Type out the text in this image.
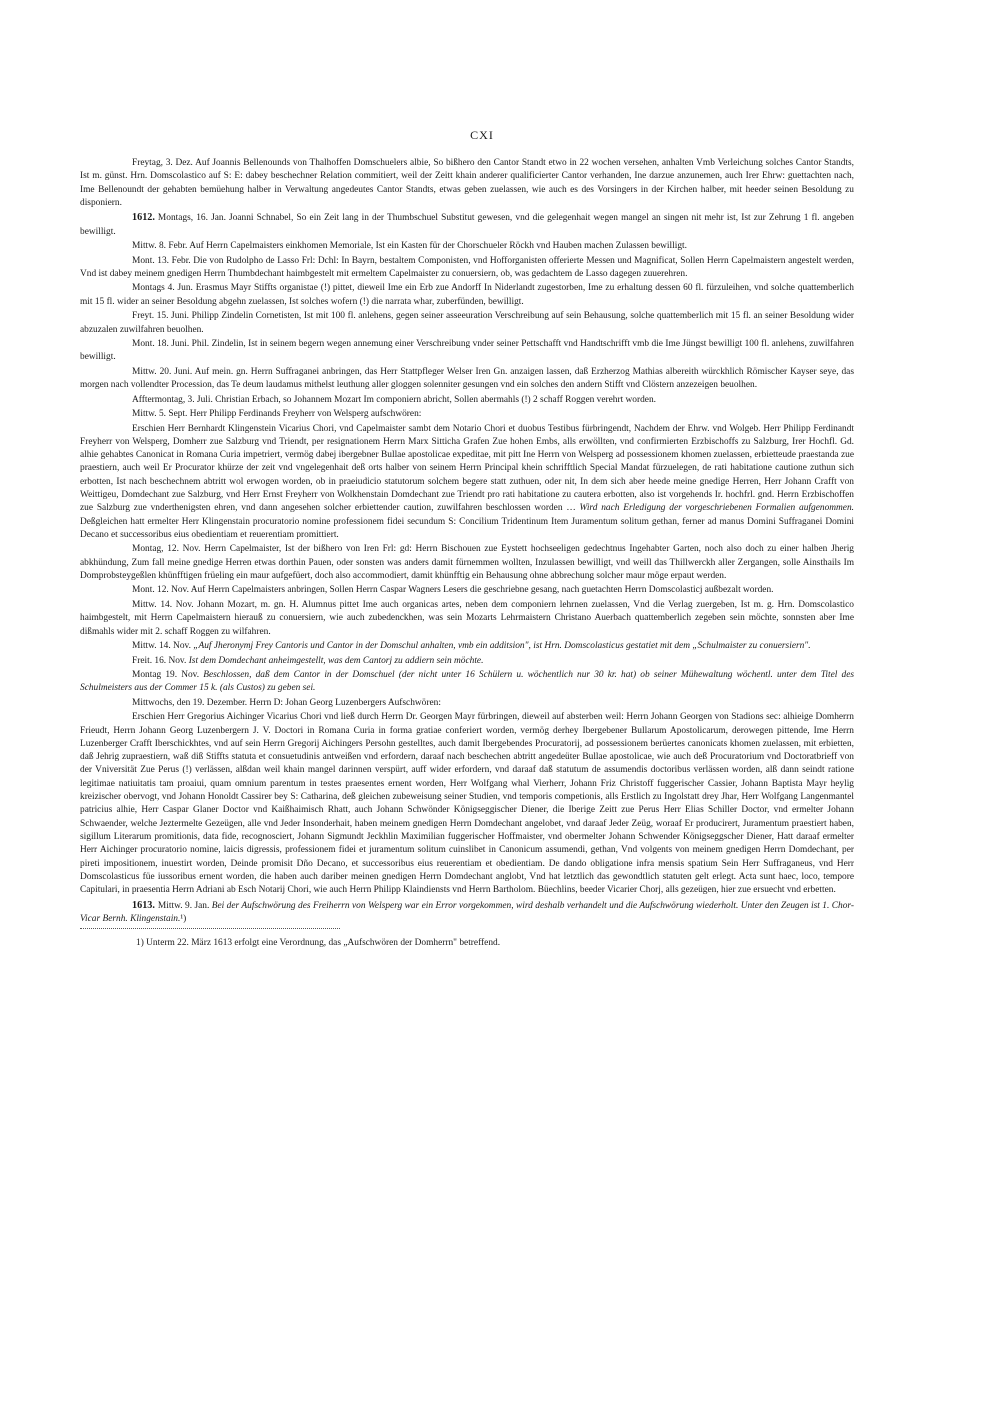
CXI

Freytag, 3. Dez. Auf Joannis Bellenounds von Thalhoffen Domschuelers albie, So bißhero den Cantor Standt etwo in 22 wochen versehen, anhalten Vmb Verleichung solches Cantor Standts, Ist m. günst. Hrn. Domscolastico auf S: E: dabey beschechner Relation commitiert, weil der Zeitt khain anderer qualificierter Cantor verhanden, Ine darzue anzunemen, auch Irer Ehrw: guettachten nach, Ime Bellenoundt der gehabten bemüehung halber in Verwaltung angedeutes Cantor Standts, etwas geben zuelassen, wie auch es des Vorsingers in der Kirchen halber, mit heeder seinen Besoldung zu disponiern.

1612. Montags, 16. Jan. Joanni Schnabel, So ein Zeit lang in der Thumbschuel Substitut gewesen, vnd die gelegenhait wegen mangel an singen nit mehr ist, Ist zur Zehrung 1 fl. angeben bewilligt.

Mittw. 8. Febr. Auf Herrn Capelmaisters einkhomen Memoriale, Ist ein Kasten für der Chorschueler Röckh vnd Hauben machen Zulassen bewilligt.

Mont. 13. Febr. Die von Rudolpho de Lasso Frl: Dchl: In Bayrn, bestaltem Componisten, vnd Hofforganisten offerierte Messen und Magnificat, Sollen Herrn Capelmaistern angestelt werden, Vnd ist dabey meinem gnedigen Herrn Thumbdechant haimbgestelt mit ermeltem Capelmaister zu conuersiern, ob, was gedachtem de Lasso dagegen zuuerehren.

Montags 4. Jun. Erasmus Mayr Stiffts organistae (!) pittet, dieweil Ime ein Erb zue Andorff In Niderlandt zugestorben, Ime zu erhaltung dessen 60 fl. fürzuleihen, vnd solche quattemberlich mit 15 fl. wider an seiner Besoldung abgehn zuelassen, Ist solches wofern (!) die narrata whar, zuberfünden, bewilligt.

Freyt. 15. Juni. Philipp Zindelin Cornetisten, Ist mit 100 fl. anlehens, gegen seiner asseeuration Verschreibung auf sein Behausung, solche quattemberlich mit 15 fl. an seiner Besoldung wider abzuzalen zuwilfahren beuolhen.

Mont. 18. Juni. Phil. Zindelin, Ist in seinem begern wegen annemung einer Verschreibung vnder seiner Pettschafft vnd Handtschrifft vmb die Ime Jüngst bewilligt 100 fl. anlehens, zuwilfahren bewilligt.

Mittw. 20. Juni. Auf mein. gn. Herrn Suffraganei anbringen, das Herr Stattpfleger Welser Iren Gn. anzaigen lassen, daß Erzherzog Mathias albereith würckhlich Römischer Kayser seye, das morgen nach vollendter Procession, das Te deum laudamus mithelst leuthung aller gloggen solenniter gesungen vnd ein solches den andern Stifft vnd Clöstern anzezeigen beuolhen.

Afftermontag, 3. Juli. Christian Erbach, so Johannem Mozart Im componiern abricht, Sollen abermahls (!) 2 schaff Roggen verehrt worden.

Mittw. 5. Sept. Herr Philipp Ferdinands Freyherr von Welsperg aufschwören:

Erschien Herr Bernhardt Klingenstein Vicarius Chori, vnd Capelmaister sambt dem Notario Chori et duobus Testibus fürbringendt, Nachdem der Ehrw. vnd Wolgeb. Herr Philipp Ferdinandt Freyherr von Welsperg, Domherr zue Salzburg vnd Triendt, per resignationem Herrn Marx Sitticha Grafen Zue hohen Embs, alls erwöllten, vnd confirmierten Erzbischoffs zu Salzburg, Irer Hochfl. Gd. alhie gehabtes Canonicat in Romana Curia impetriert, vermög dabej ibergebner Bullae apostolicae expeditae, mit pitt Ine Herrn von Welsperg ad possessionem khomen zuelassen, erbietteude praestanda zue praestiern, auch weil Er Procurator khürze der zeit vnd vngelegenhait deß orts halber von seinem Herrn Principal khein schrifftlich Special Mandat fürzuelegen, de rati habitatione cautione zuthun sich erbotten, Ist nach beschechnem abtritt wol erwogen worden, ob in praeiudicio statutorum solchem begere statt zuthuen, oder nit, In dem sich aber heede meine gnedige Herren, Herr Johann Crafft von Weittigeu, Domdechant zue Salzburg, vnd Herr Ernst Freyherr von Wolkhenstain Domdechant zue Triendt pro rati habitatione zu cautera erbotten, also ist vorgehends Ir. hochfrl. gnd. Herrn Erzbischoffen zue Salzburg zue vnderthenigsten ehren, vnd dann angesehen solcher erbiettender caution, zuwilfahren beschlossen worden … Wird nach Erledigung der vorgeschriebenen Formalien aufgenommen. Deßgleichen hatt ermelter Herr Klingenstain procuratorio nomine professionem fidei secundum S: Concilium Tridentinum Item Juramentum solitum gethan, ferner ad manus Domini Suffraganei Domini Decano et successoribus eius obedientiam et reuerentiam promittiert.

Montag, 12. Nov. Herrn Capelmaister, Ist der bißhero von Iren Frl: gd: Herrn Bischouen zue Eystett hochseeligen gedechtnus Ingehabter Garten, noch also doch zu einer halben Jherig abkhündung, Zum fall meine gnedige Herren etwas dorthin Pauen, oder sonsten was anders damit fürnemmen wollten, Inzulassen bewilligt, vnd weill das Thillwerckh aller Zergangen, solle Ainsthails Im Domprobsteygeßlen khünfftigen früeling ein maur aufgefüert, doch also accommodiert, damit khünfftig ein Behausung ohne abbrechung solcher maur möge erpaut werden.

Mont. 12. Nov. Auf Herrn Capelmaisters anbringen, Sollen Herrn Caspar Wagners Lesers die geschriebne gesang, nach guetachten Herrn Domscolasticj außbezalt worden.

Mittw. 14. Nov. Johann Mozart, m. gn. H. Alumnus pittet Ime auch organicas artes, neben dem componiern lehrnen zuelassen, Vnd die Verlag zuergeben, Ist m. g. Hrn. Domscolastico haimbgestelt, mit Herrn Capelmaistern hierauß zu conuersiern, wie auch zubedenckhen, was sein Mozarts Lehrmaistern Christano Auerbach quattemberlich zegeben sein möchte, sonnsten aber Ime dißmahls wider mit 2. schaff Roggen zu wilfahren.

Mittw. 14. Nov. „Auf Jheronymj Frey Cantoris und Cantor in der Domschul anhalten, vmb ein additsion", ist Hrn. Domscolasticus gestatiet mit dem „Schulmaister zu conuersiern".

Freit. 16. Nov. Ist dem Domdechant anheimgestellt, was dem Cantorj zu addiern sein möchte.

Montag 19. Nov. Beschlossen, daß dem Cantor in der Domschuel (der nicht unter 16 Schülern u. wöchentlich nur 30 kr. hat) ob seiner Mühewaltung wöchentl. unter dem Titel des Schulmeisters aus der Commer 15 k. (als Custos) zu geben sei.

Mittwochs, den 19. Dezember. Herrn D: Johan Georg Luzenbergers Aufschwören:

Erschien Herr Gregorius Aichinger Vicarius Chori vnd ließ durch Herrn Dr. Georgen Mayr fürbringen, dieweil auf absterben weil: Herrn Johann Georgen von Stadions sec: alhieige Domherrn Frieudt, Herrn Johann Georg Luzenbergern J. V. Doctori in Romana Curia in forma gratiae conferiert worden, vermög derhey Ibergebener Bullarum Apostolicarum, derowegen pittende, Ime Herrn Luzenberger Crafft Iberschickhtes, vnd auf sein Herrn Gregorij Aichingers Persohn gestelltes, auch damit Ibergebendes Procuratorij, ad possessionem berüertes canonicats khomen zuelassen, mit erbietten, daß Jehrig zupraestiern, waß diß Stiffts statuta et consuetudinis antweißen vnd erfordern, daraaf nach beschechen abtritt angedeüter Bullae apostolicae, wie auch deß Procuratorium vnd Doctoratbrieff von der Vniversität Zue Perus (!) verlässen, alßdan weil khain mangel darinnen verspürt, auff wider erfordern, vnd daraaf daß statutum de assumendis doctoribus verlässen worden, alß dann seindt ratione legitimae natiuitatis tam proaiui, quam omnium parentum in testes praesentes ernent worden, Herr Wolfgang whal Vierherr, Johann Friz Christoff fuggerischer Cassier, Johann Baptista Mayr heylig kreizischer obervogt, vnd Johann Honoldt Cassirer bey S: Catharina, deß gleichen zubeweisung seiner Studien, vnd temporis competionis, alls Erstlich zu Ingolstatt drey Jhar, Herr Wolfgang Langenmantel patricius alhie, Herr Caspar Glaner Doctor vnd Kaißhaimisch Rhatt, auch Johann Schwönder Königseggischer Diener, die Iberige Zeitt zue Perus Herr Elias Schiller Doctor, vnd ermelter Johann Schwaender, welche Jeztermelte Gezeügen, alle vnd Jeder Insonderhait, haben meinem gnedigen Herrn Domdechant angelobet, vnd daraaf Jeder Zeüg, woraaf Er producirert, Juramentum praestiert haben, sigillum Literarum promitionis, data fide, recognosciert, Johann Sigmundt Jeckhlin Maximilian fuggerischer Hoffmaister, vnd obermelter Johann Schwender Königseggscher Diener, Hatt daraaf ermelter Herr Aichinger procuratorio nomine, laicis digressis, professionem fidei et juramentum solitum cuinslibet in Canonicum assumendi, gethan, Vnd volgents von meinem gnedigen Herrn Domdechant, per pireti impositionem, inuestirt worden, Deinde promisit Dño Decano, et successoribus eius reuerentiam et obedientiam. De dando obligatione infra mensis spatium Sein Herr Suffraganeus, vnd Herr Domscolasticus füe iussoribus ernent worden, die haben auch dariber meinen gnedigen Herrn Domdechant anglobt, Vnd hat letztlich das gewondtlich statuten gelt erlegt. Acta sunt haec, loco, tempore Capitulari, in praesentia Herrn Adriani ab Esch Notarij Chori, wie auch Herrn Philipp Klaindiensts vnd Herrn Bartholom. Büechlins, beeder Vicarier Chorj, alls gezeügen, hier zue ersuecht vnd erbetten.

1613. Mittw. 9. Jan. Bei der Aufschwörung des Freiherrn von Welsperg war ein Error vorgekommen, wird deshalb verhandelt und die Aufschwörung wiederholt. Unter den Zeugen ist 1. Chor-Vicar Bernh. Klingenstain.¹)

1) Unterm 22. März 1613 erfolgt eine Verordnung, das „Aufschwören der Domherrn" betreffend.
